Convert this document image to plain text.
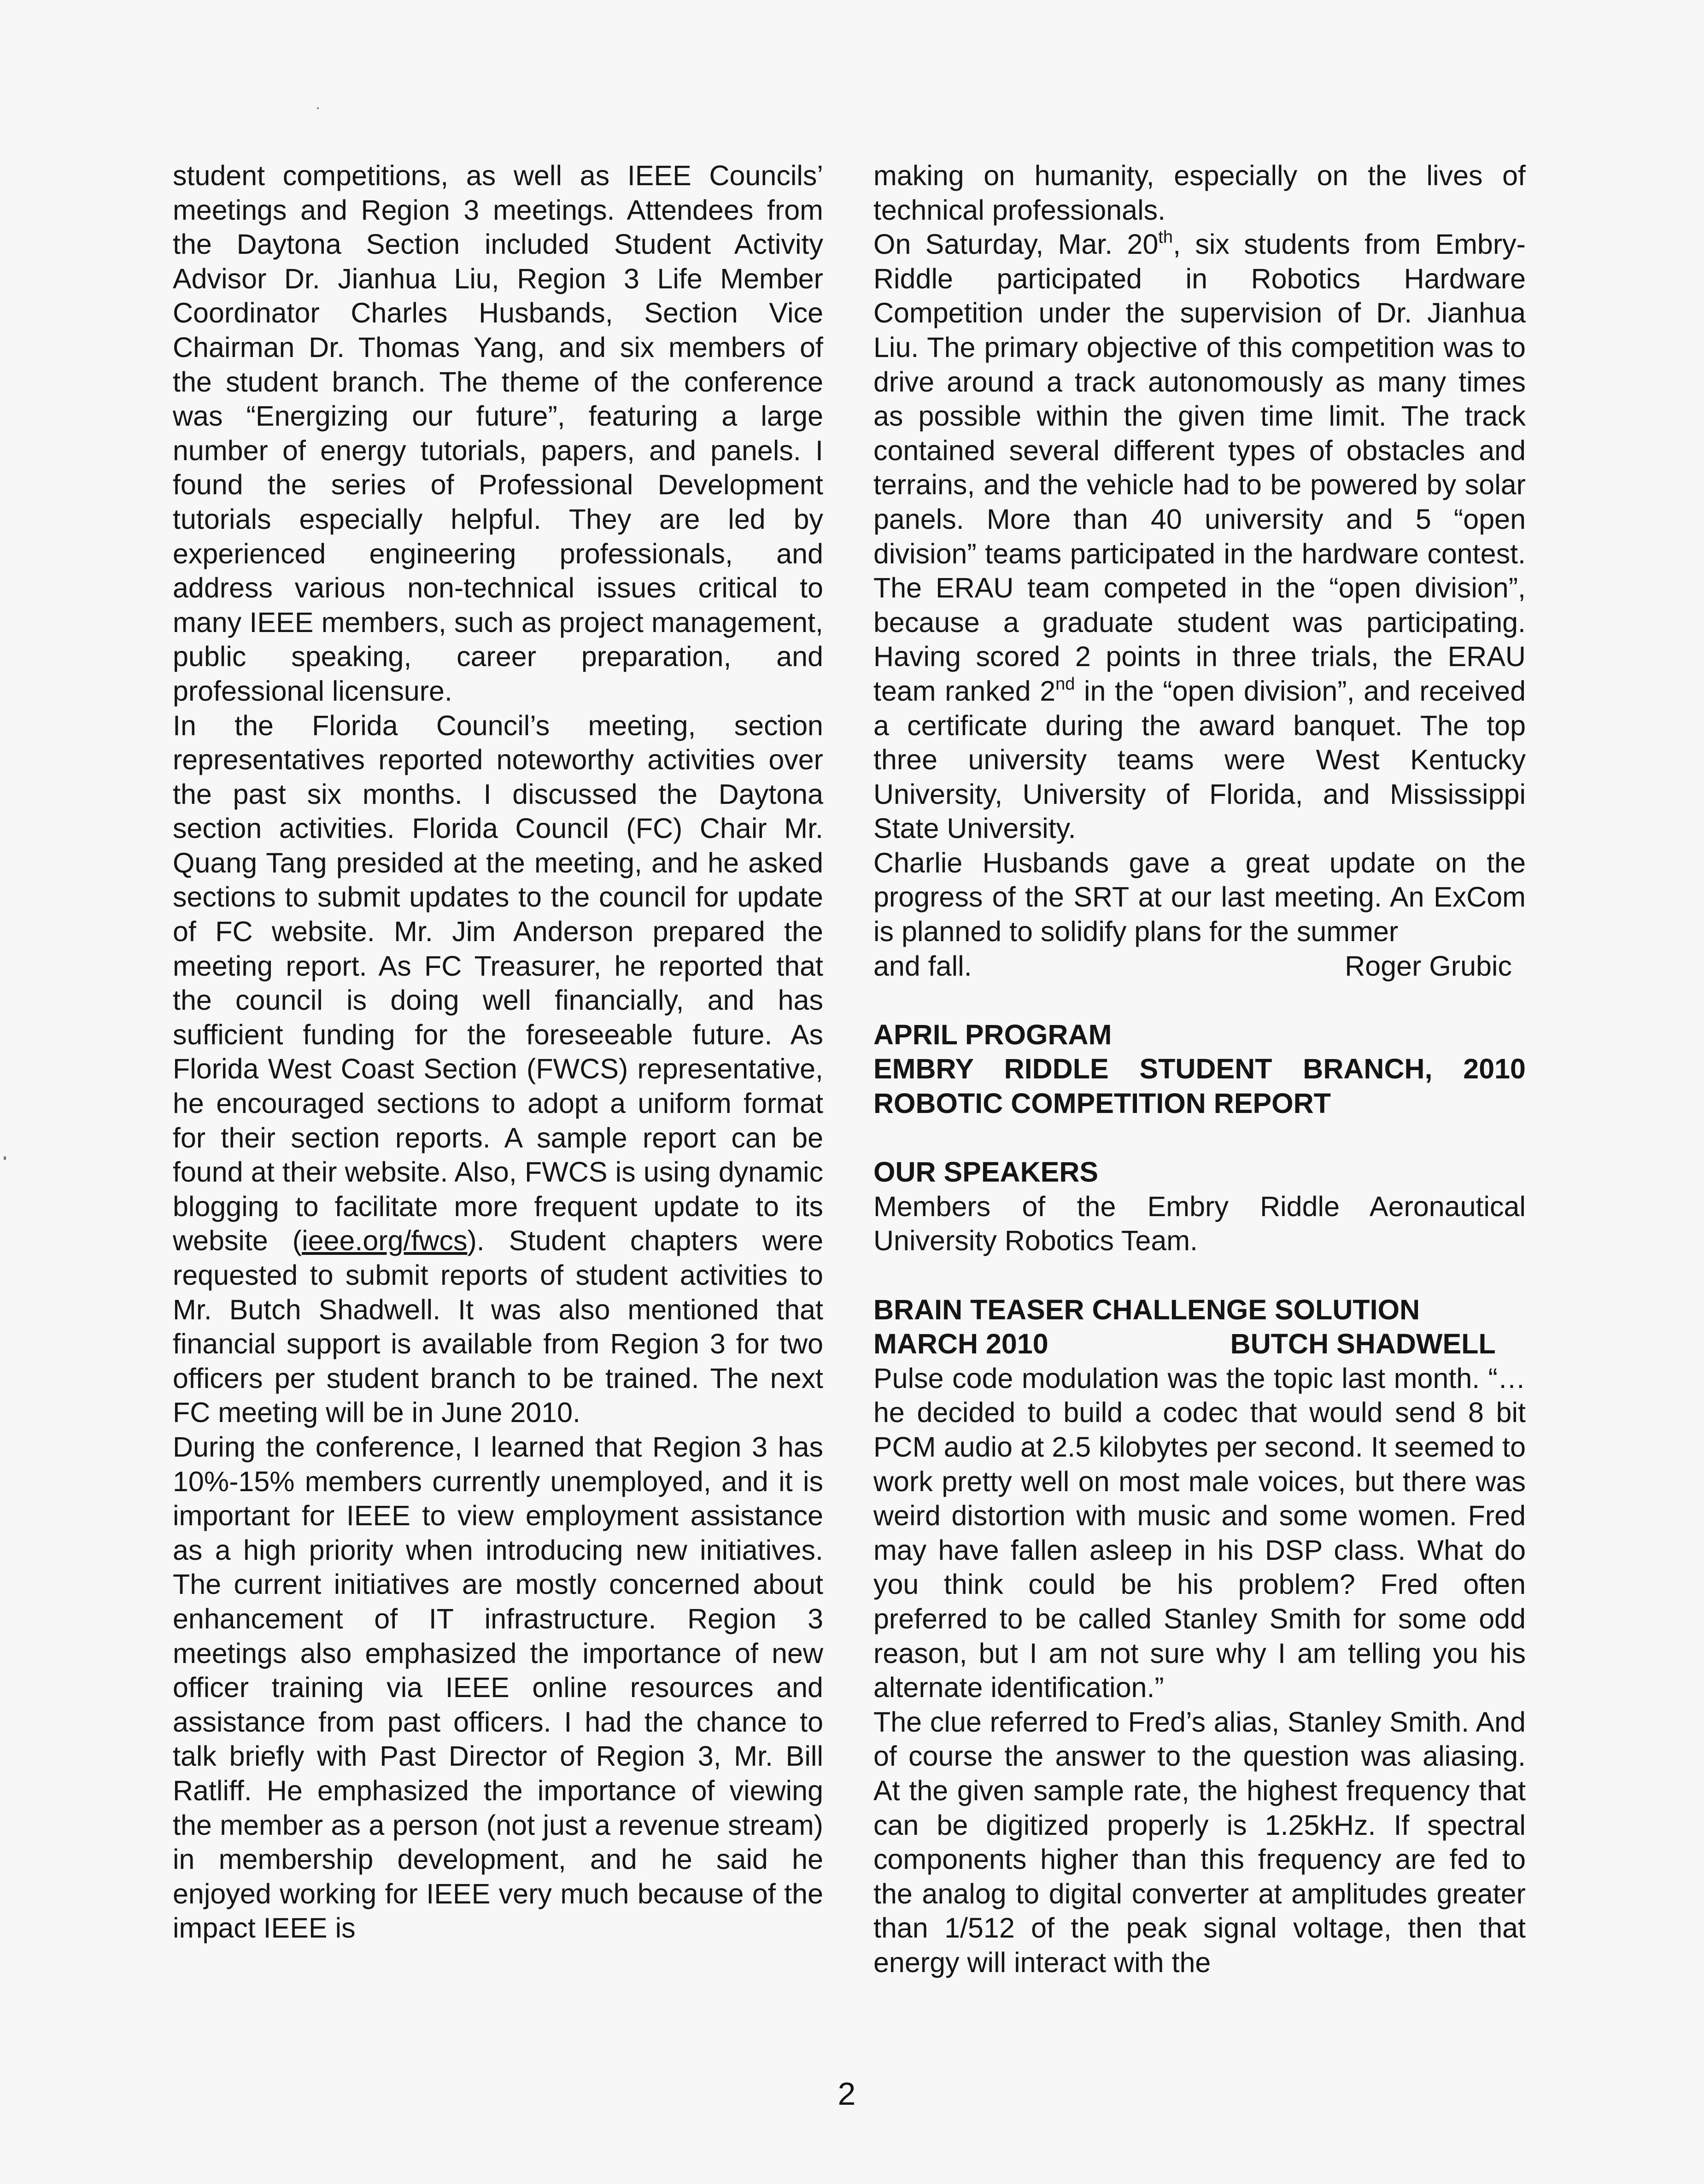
student competitions, as well as IEEE Councils’ meetings and Region 3 meetings. Attendees from the Daytona Section included Student Activity Advisor Dr. Jianhua Liu, Region 3 Life Member Coordinator Charles Husbands, Section Vice Chairman Dr. Thomas Yang, and six members of the student branch. The theme of the conference was “Energizing our future”, featuring a large number of energy tutorials, papers, and panels. I found the series of Professional Development tutorials especially helpful. They are led by experienced engineering professionals, and address various non-technical issues critical to many IEEE members, such as project management, public speaking, career preparation, and professional licensure.

In the Florida Council’s meeting, section representatives reported noteworthy activities over the past six months. I discussed the Daytona section activities. Florida Council (FC) Chair Mr. Quang Tang presided at the meeting, and he asked sections to submit updates to the council for update of FC website. Mr. Jim Anderson prepared the meeting report. As FC Treasurer, he reported that the council is doing well financially, and has sufficient funding for the foreseeable future. As Florida West Coast Section (FWCS) representative, he encouraged sections to adopt a uniform format for their section reports. A sample report can be found at their website. Also, FWCS is using dynamic blogging to facilitate more frequent update to its website (ieee.org/fwcs). Student chapters were requested to submit reports of student activities to Mr. Butch Shadwell. It was also mentioned that financial support is available from Region 3 for two officers per student branch to be trained. The next FC meeting will be in June 2010.

During the conference, I learned that Region 3 has 10%-15% members currently unemployed, and it is important for IEEE to view employment assistance as a high priority when introducing new initiatives. The current initiatives are mostly concerned about enhancement of IT infrastructure. Region 3 meetings also emphasized the importance of new officer training via IEEE online resources and assistance from past officers. I had the chance to talk briefly with Past Director of Region 3, Mr. Bill Ratliff. He emphasized the importance of viewing the member as a person (not just a revenue stream) in membership development, and he said he enjoyed working for IEEE very much because of the impact IEEE is

making on humanity, especially on the lives of technical professionals.

On Saturday, Mar. 20th, six students from Embry-Riddle participated in Robotics Hardware Competition under the supervision of Dr. Jianhua Liu. The primary objective of this competition was to drive around a track autonomously as many times as possible within the given time limit. The track contained several different types of obstacles and terrains, and the vehicle had to be powered by solar panels. More than 40 university and 5 “open division” teams participated in the hardware contest. The ERAU team competed in the “open division”, because a graduate student was participating. Having scored 2 points in three trials, the ERAU team ranked 2nd in the “open division”, and received a certificate during the award banquet. The top three university teams were West Kentucky University, University of Florida, and Mississippi State University.

Charlie Husbands gave a great update on the progress of the SRT at our last meeting. An ExCom is planned to solidify plans for the summer

and fall.	Roger Grubic

APRIL PROGRAM

EMBRY RIDDLE STUDENT BRANCH, 2010 ROBOTIC COMPETITION REPORT

OUR SPEAKERS

Members of the Embry Riddle Aeronautical University Robotics Team.

BRAIN TEASER CHALLENGE SOLUTION

MARCH 2010	BUTCH SHADWELL

Pulse code modulation was the topic last month. “…he decided to build a codec that would send 8 bit PCM audio at 2.5 kilobytes per second. It seemed to work pretty well on most male voices, but there was weird distortion with music and some women. Fred may have fallen asleep in his DSP class. What do you think could be his problem? Fred often preferred to be called Stanley Smith for some odd reason, but I am not sure why I am telling you his alternate identification.”

The clue referred to Fred’s alias, Stanley Smith. And of course the answer to the question was aliasing. At the given sample rate, the highest frequency that can be digitized properly is 1.25kHz. If spectral components higher than this frequency are fed to the analog to digital converter at amplitudes greater than 1/512 of the peak signal voltage, then that energy will interact with the

2
